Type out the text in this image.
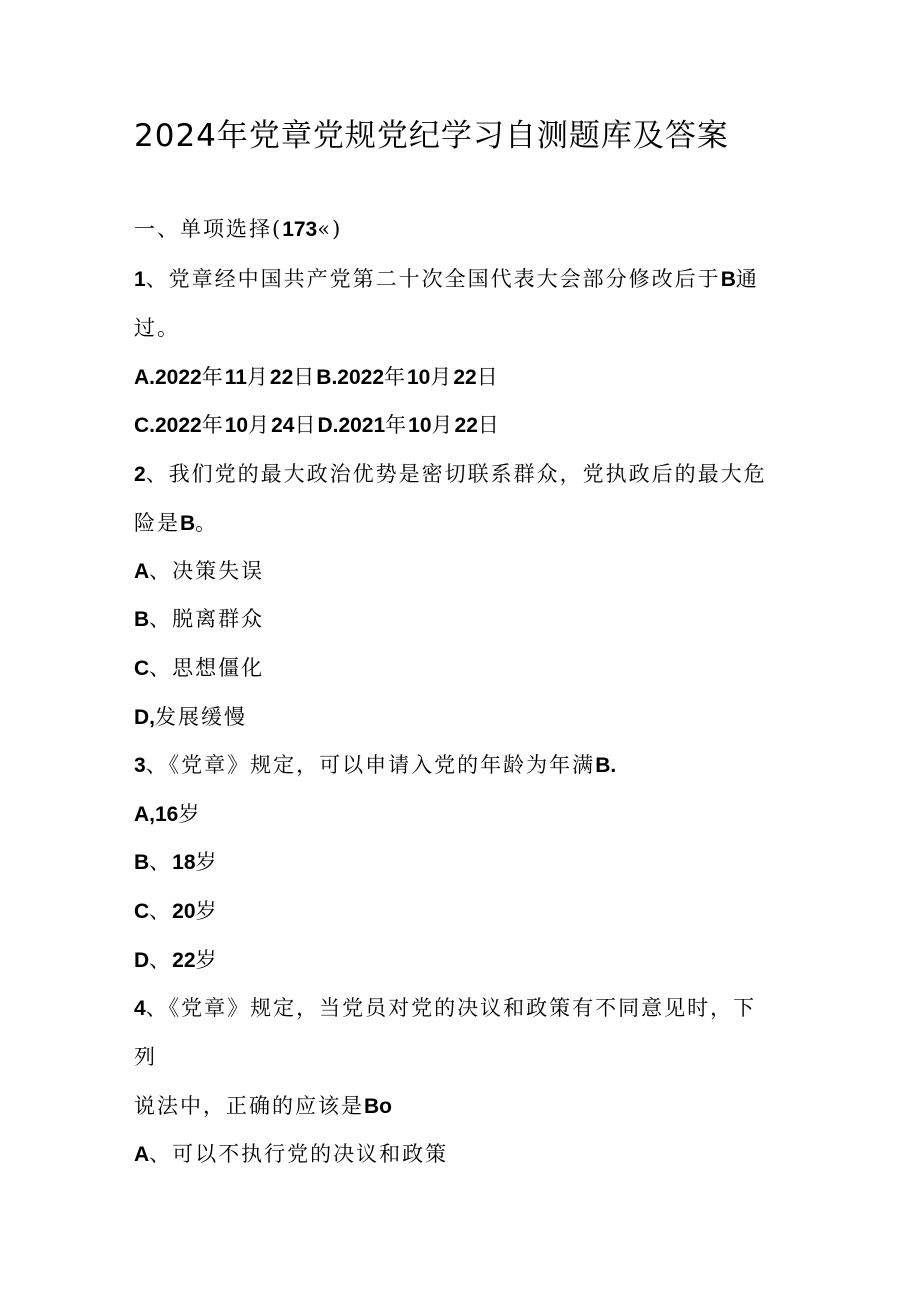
2024年党章党规党纪学习自测题库及答案
一、单项选择(173«)
1、党章经中国共产党第二十次全国代表大会部分修改后于B通
过。
A.2022年11月22日B.2022年10月22日
C.2022年10月24日D.2021年10月22日
2、我们党的最大政治优势是密切联系群众，党执政后的最大危
险是B。
A、决策失误
B、脱离群众
C、思想僵化
D,发展缓慢
3、《党章》规定，可以申请入党的年龄为年满B.
A,16岁
B、18岁
C、20岁
D、22岁
4、《党章》规定，当党员对党的决议和政策有不同意见时，下
列
说法中，正确的应该是Bo
A、可以不执行党的决议和政策
